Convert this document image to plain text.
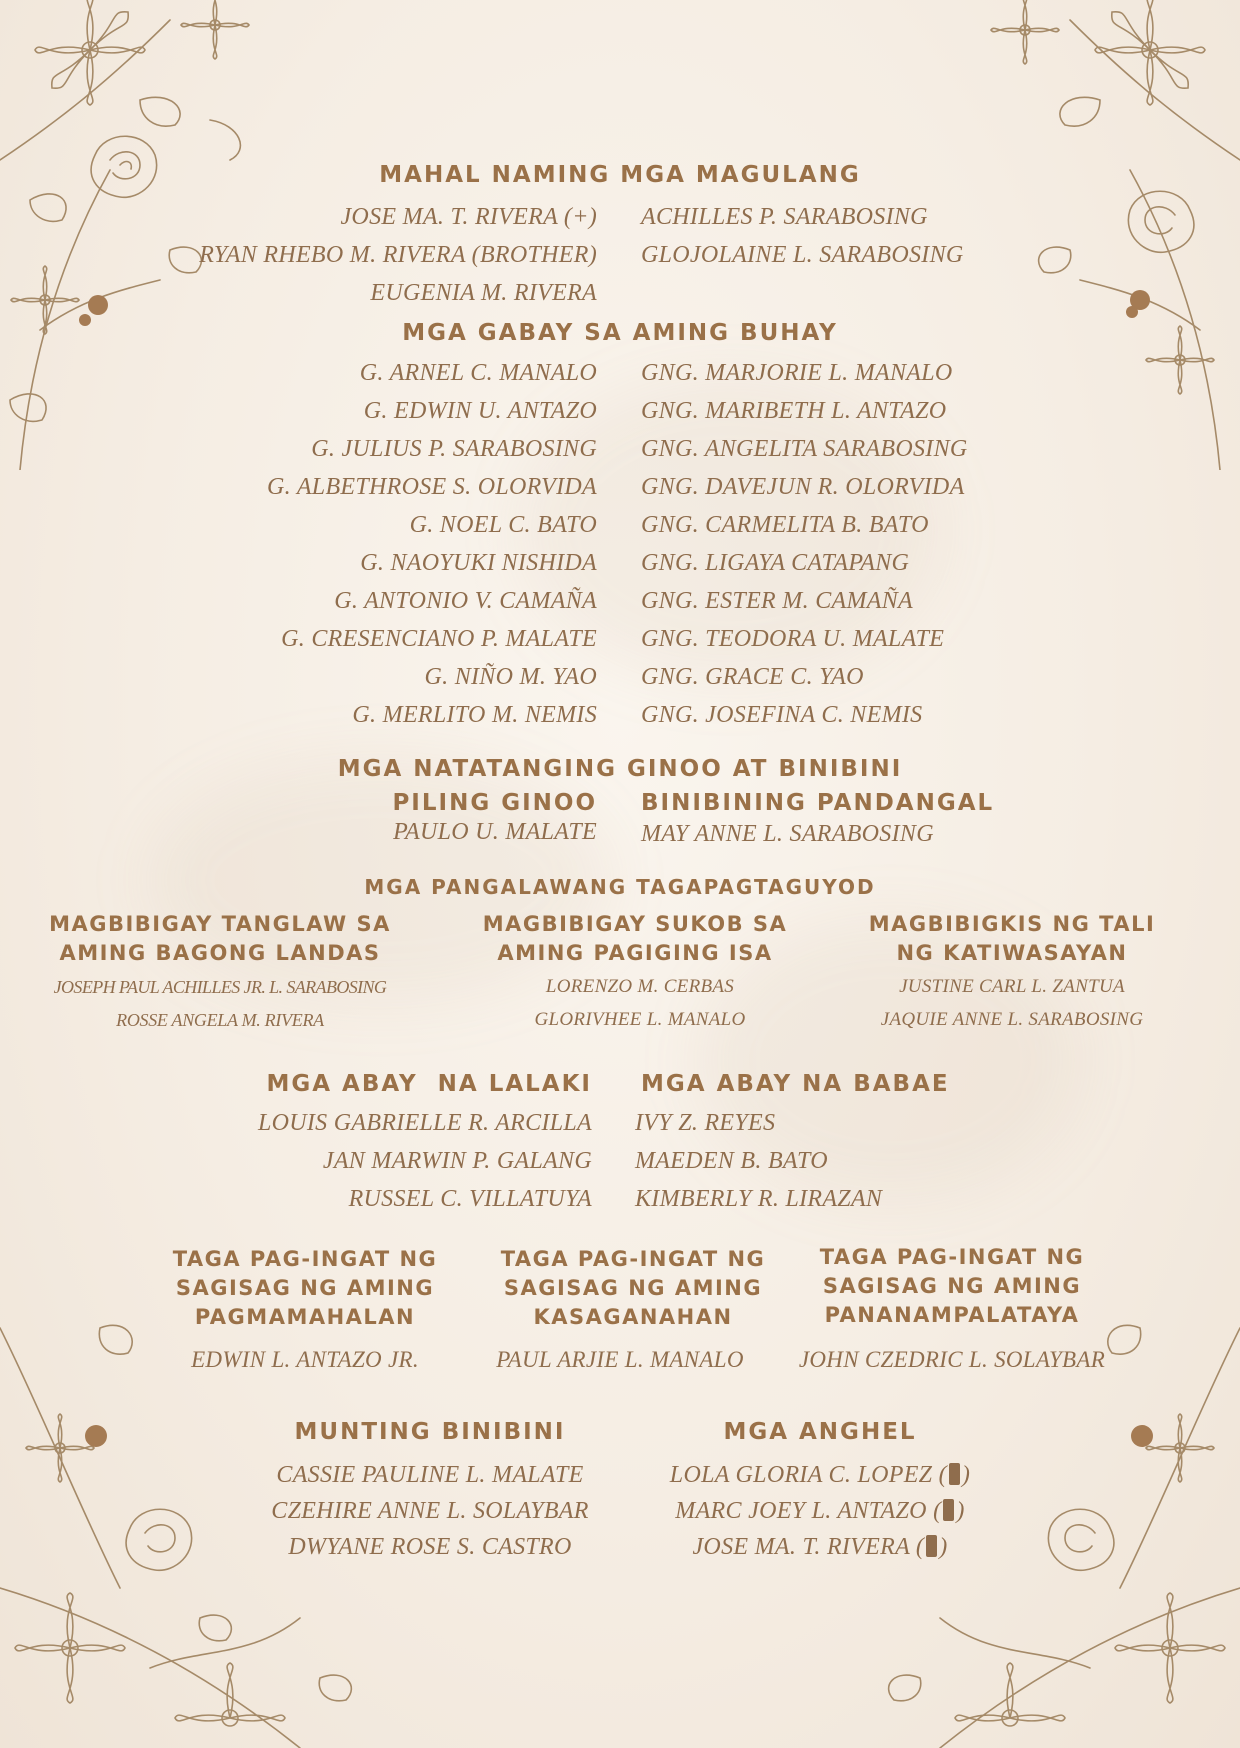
MAHAL NAMING MGA MAGULANG
JOSE MA. T. RIVERA (+)
RYAN RHEBO M. RIVERA (BROTHER)
EUGENIA M. RIVERA
ACHILLES P. SARABOSING
GLOJOLAINE L. SARABOSING
MGA GABAY SA AMING BUHAY
G. ARNEL C. MANALO
G. EDWIN U. ANTAZO
G. JULIUS P. SARABOSING
G. ALBETHROSE S. OLORVIDA
G. NOEL C. BATO
G. NAOYUKI NISHIDA
G. ANTONIO V. CAMAÑA
G. CRESENCIANO P. MALATE
G. NIÑO M. YAO
G. MERLITO M. NEMIS
GNG. MARJORIE L. MANALO
GNG. MARIBETH L. ANTAZO
GNG. ANGELITA SARABOSING
GNG. DAVEJUN R. OLORVIDA
GNG. CARMELITA B. BATO
GNG. LIGAYA CATAPANG
GNG. ESTER M. CAMAÑA
GNG. TEODORA U. MALATE
GNG. GRACE C. YAO
GNG. JOSEFINA C. NEMIS
MGA NATATANGING GINOO AT BINIBINI
PILING GINOO
PAULO U. MALATE
BINIBINING PANDANGAL
MAY ANNE L. SARABOSING
MGA PANGALAWANG TAGAPAGTAGUYOD
MAGBIBIGAY TANGLAW SA
AMING BAGONG LANDAS
JOSEPH PAUL ACHILLES JR. L. SARABOSING
ROSSE ANGELA M. RIVERA
MAGBIBIGAY SUKOB SA
AMING PAGIGING ISA
LORENZO M. CERBAS
GLORIVHEE L. MANALO
MAGBIBIGKIS NG TALI
NG KATIWASAYAN
JUSTINE CARL L. ZANTUA
JAQUIE ANNE L. SARABOSING
MGA ABAY  NA LALAKI
LOUIS GABRIELLE R. ARCILLA
JAN MARWIN P. GALANG
RUSSEL C. VILLATUYA
MGA ABAY NA BABAE
IVY Z. REYES
MAEDEN B. BATO
KIMBERLY R. LIRAZAN
TAGA PAG-INGAT NG
SAGISAG NG AMING
PAGMAMAHALAN
EDWIN L. ANTAZO JR.
TAGA PAG-INGAT NG
SAGISAG NG AMING
KASAGANAHAN
PAUL ARJIE L. MANALO
TAGA PAG-INGAT NG
SAGISAG NG AMING
PANANAMPALATAYA
JOHN CZEDRIC L. SOLAYBAR
MUNTING BINIBINI
CASSIE PAULINE L. MALATE
CZEHIRE ANNE L. SOLAYBAR
DWYANE ROSE S. CASTRO
MGA ANGHEL
LOLA GLORIA C. LOPEZ ( )
MARC JOEY L. ANTAZO ( )
JOSE MA. T. RIVERA ( )
